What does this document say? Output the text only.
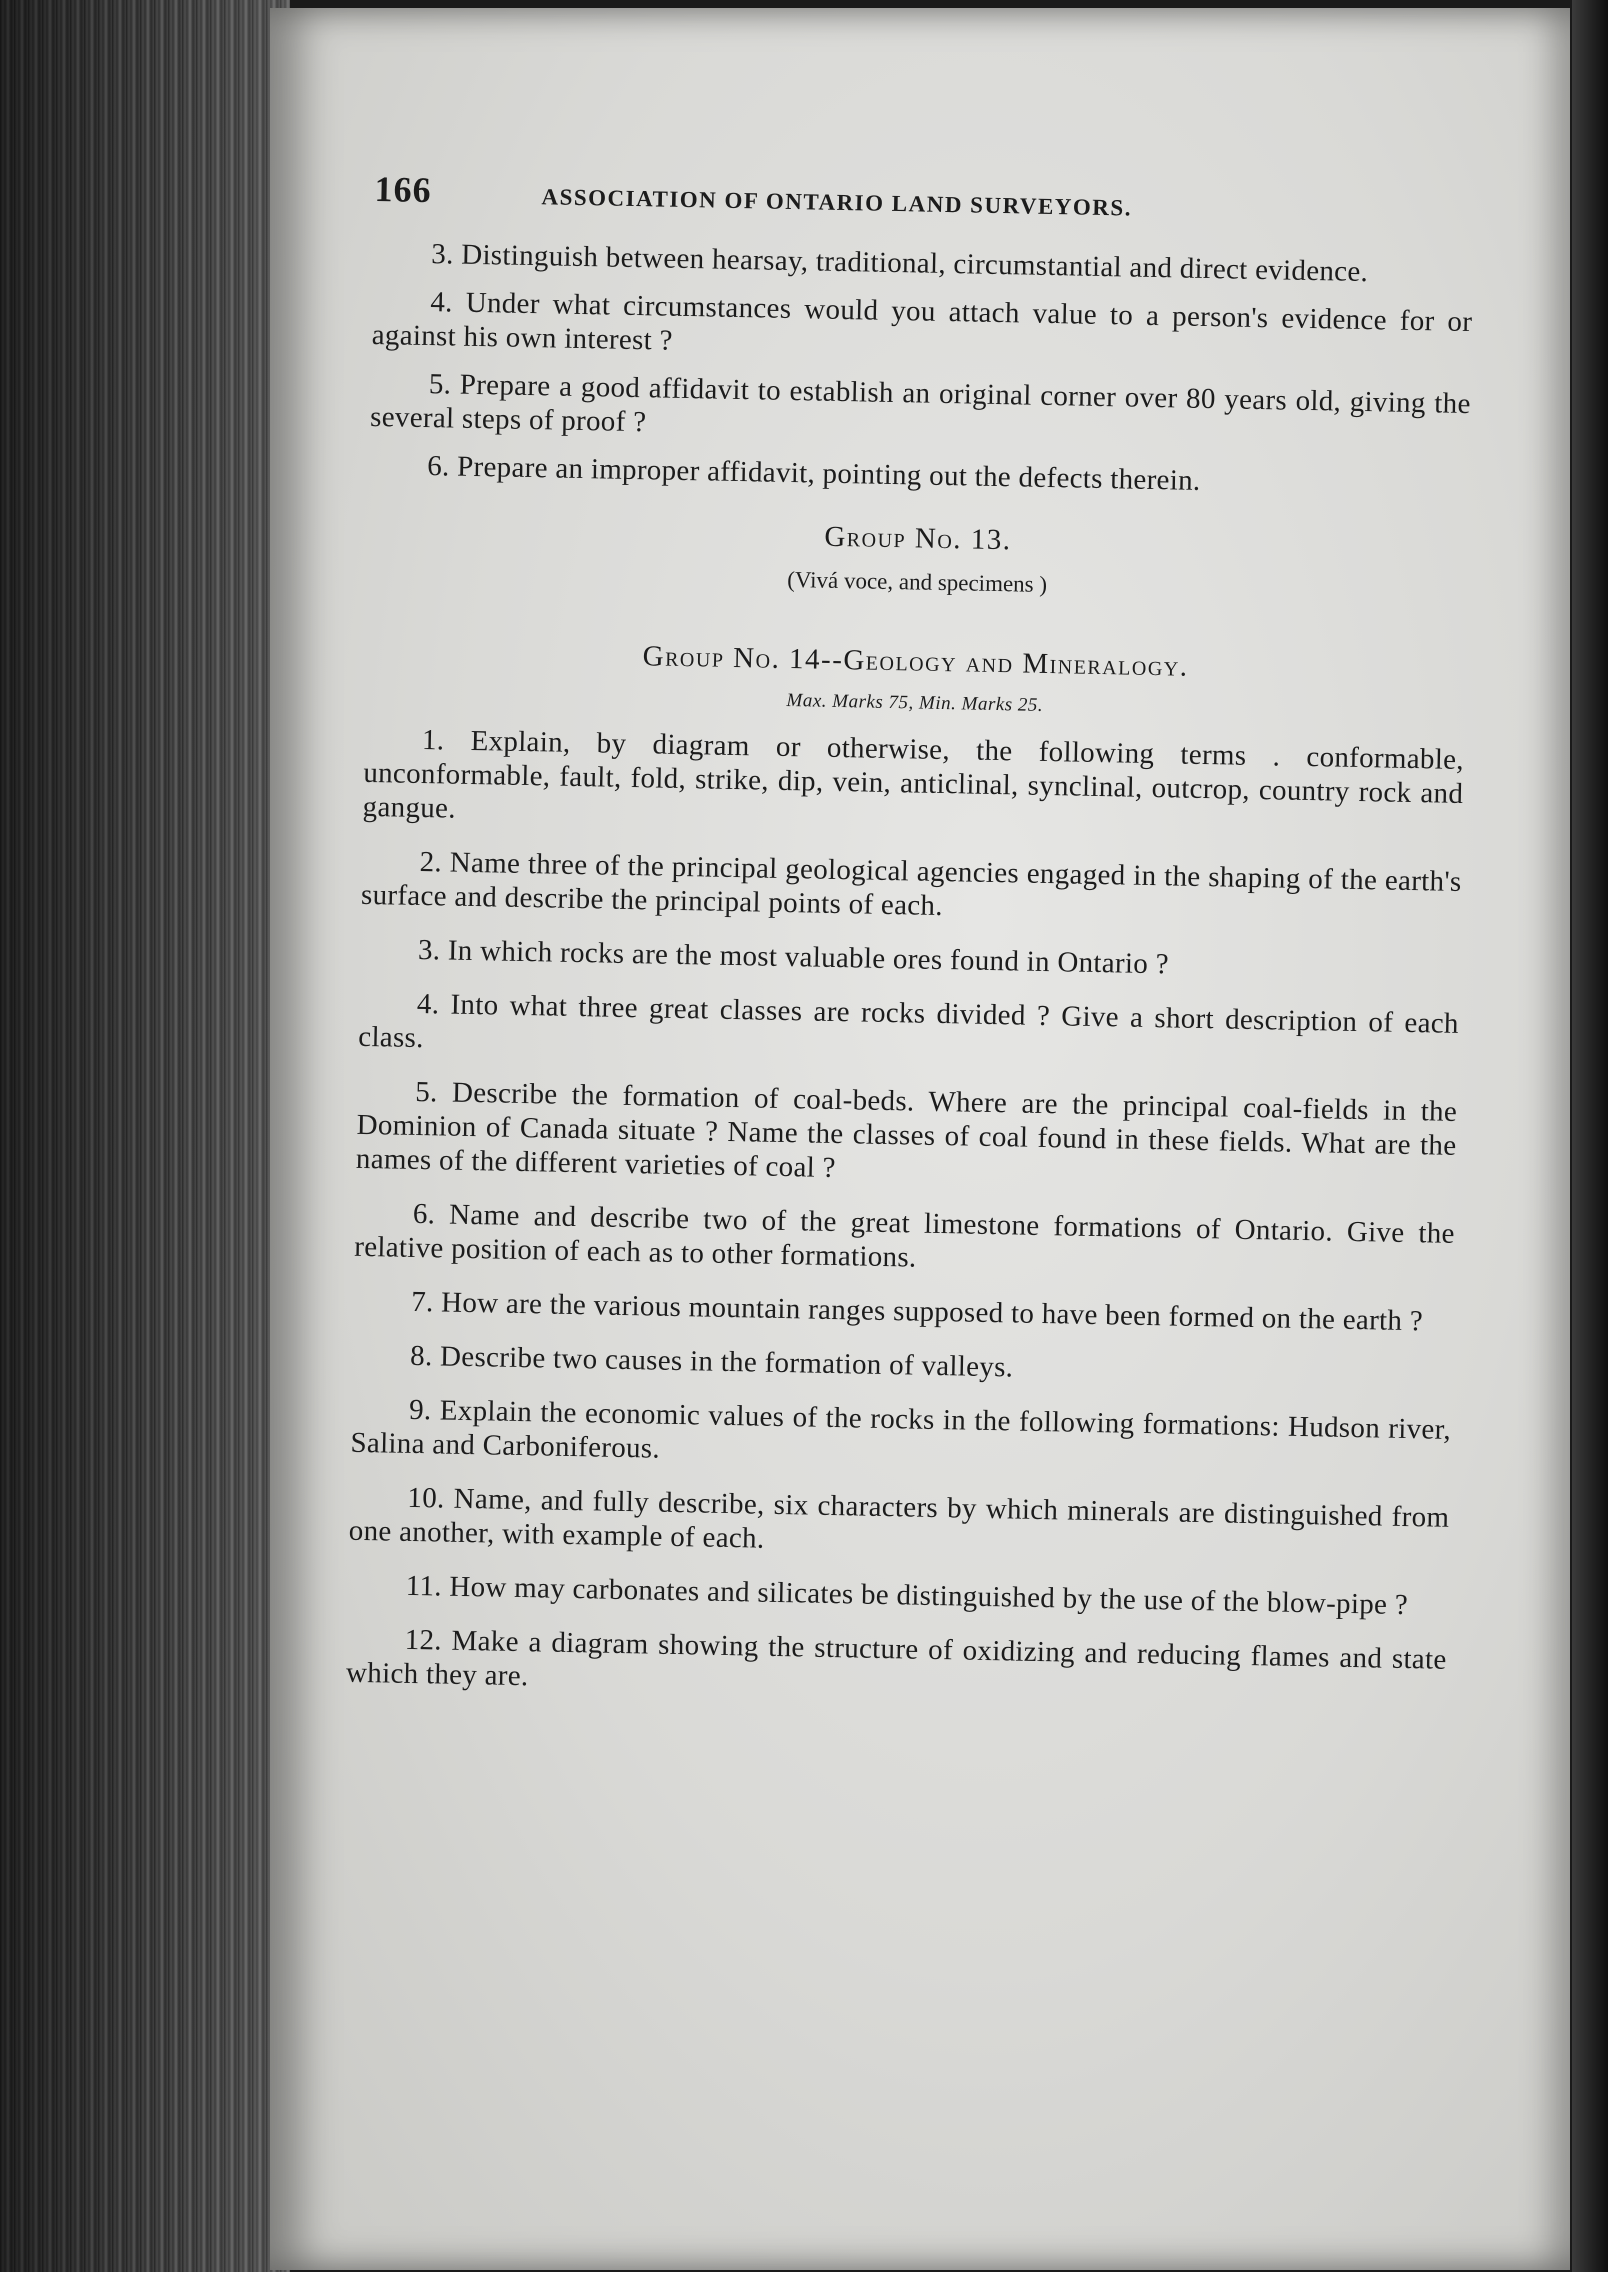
166	ASSOCIATION OF ONTARIO LAND SURVEYORS.

3. Distinguish between hearsay, traditional, circumstantial and direct evidence.

4. Under what circumstances would you attach value to a person's evidence for or against his own interest ?

5. Prepare a good affidavit to establish an original corner over 80 years old, giving the several steps of proof ?

6. Prepare an improper affidavit, pointing out the defects therein.

Group No. 13.
(Vivá voce, and specimens )
Group No. 14--Geology and Mineralogy.
Max. Marks 75, Min. Marks 25.

1. Explain, by diagram or otherwise, the following terms . conformable, unconformable, fault, fold, strike, dip, vein, anticlinal, synclinal, outcrop, country rock and gangue.

2. Name three of the principal geological agencies engaged in the shaping of the earth's surface and describe the principal points of each.

3. In which rocks are the most valuable ores found in Ontario ?

4. Into what three great classes are rocks divided ? Give a short description of each class.

5. Describe the formation of coal-beds. Where are the principal coal-fields in the Dominion of Canada situate ? Name the classes of coal found in these fields. What are the names of the different varieties of coal ?

6. Name and describe two of the great limestone formations of Ontario. Give the relative position of each as to other formations.

7. How are the various mountain ranges supposed to have been formed on the earth ?

8. Describe two causes in the formation of valleys.

9. Explain the economic values of the rocks in the following formations: Hudson river, Salina and Carboniferous.

10. Name, and fully describe, six characters by which minerals are distinguished from one another, with example of each.

11. How may carbonates and silicates be distinguished by the use of the blow-pipe ?

12. Make a diagram showing the structure of oxidizing and reducing flames and state which they are.
